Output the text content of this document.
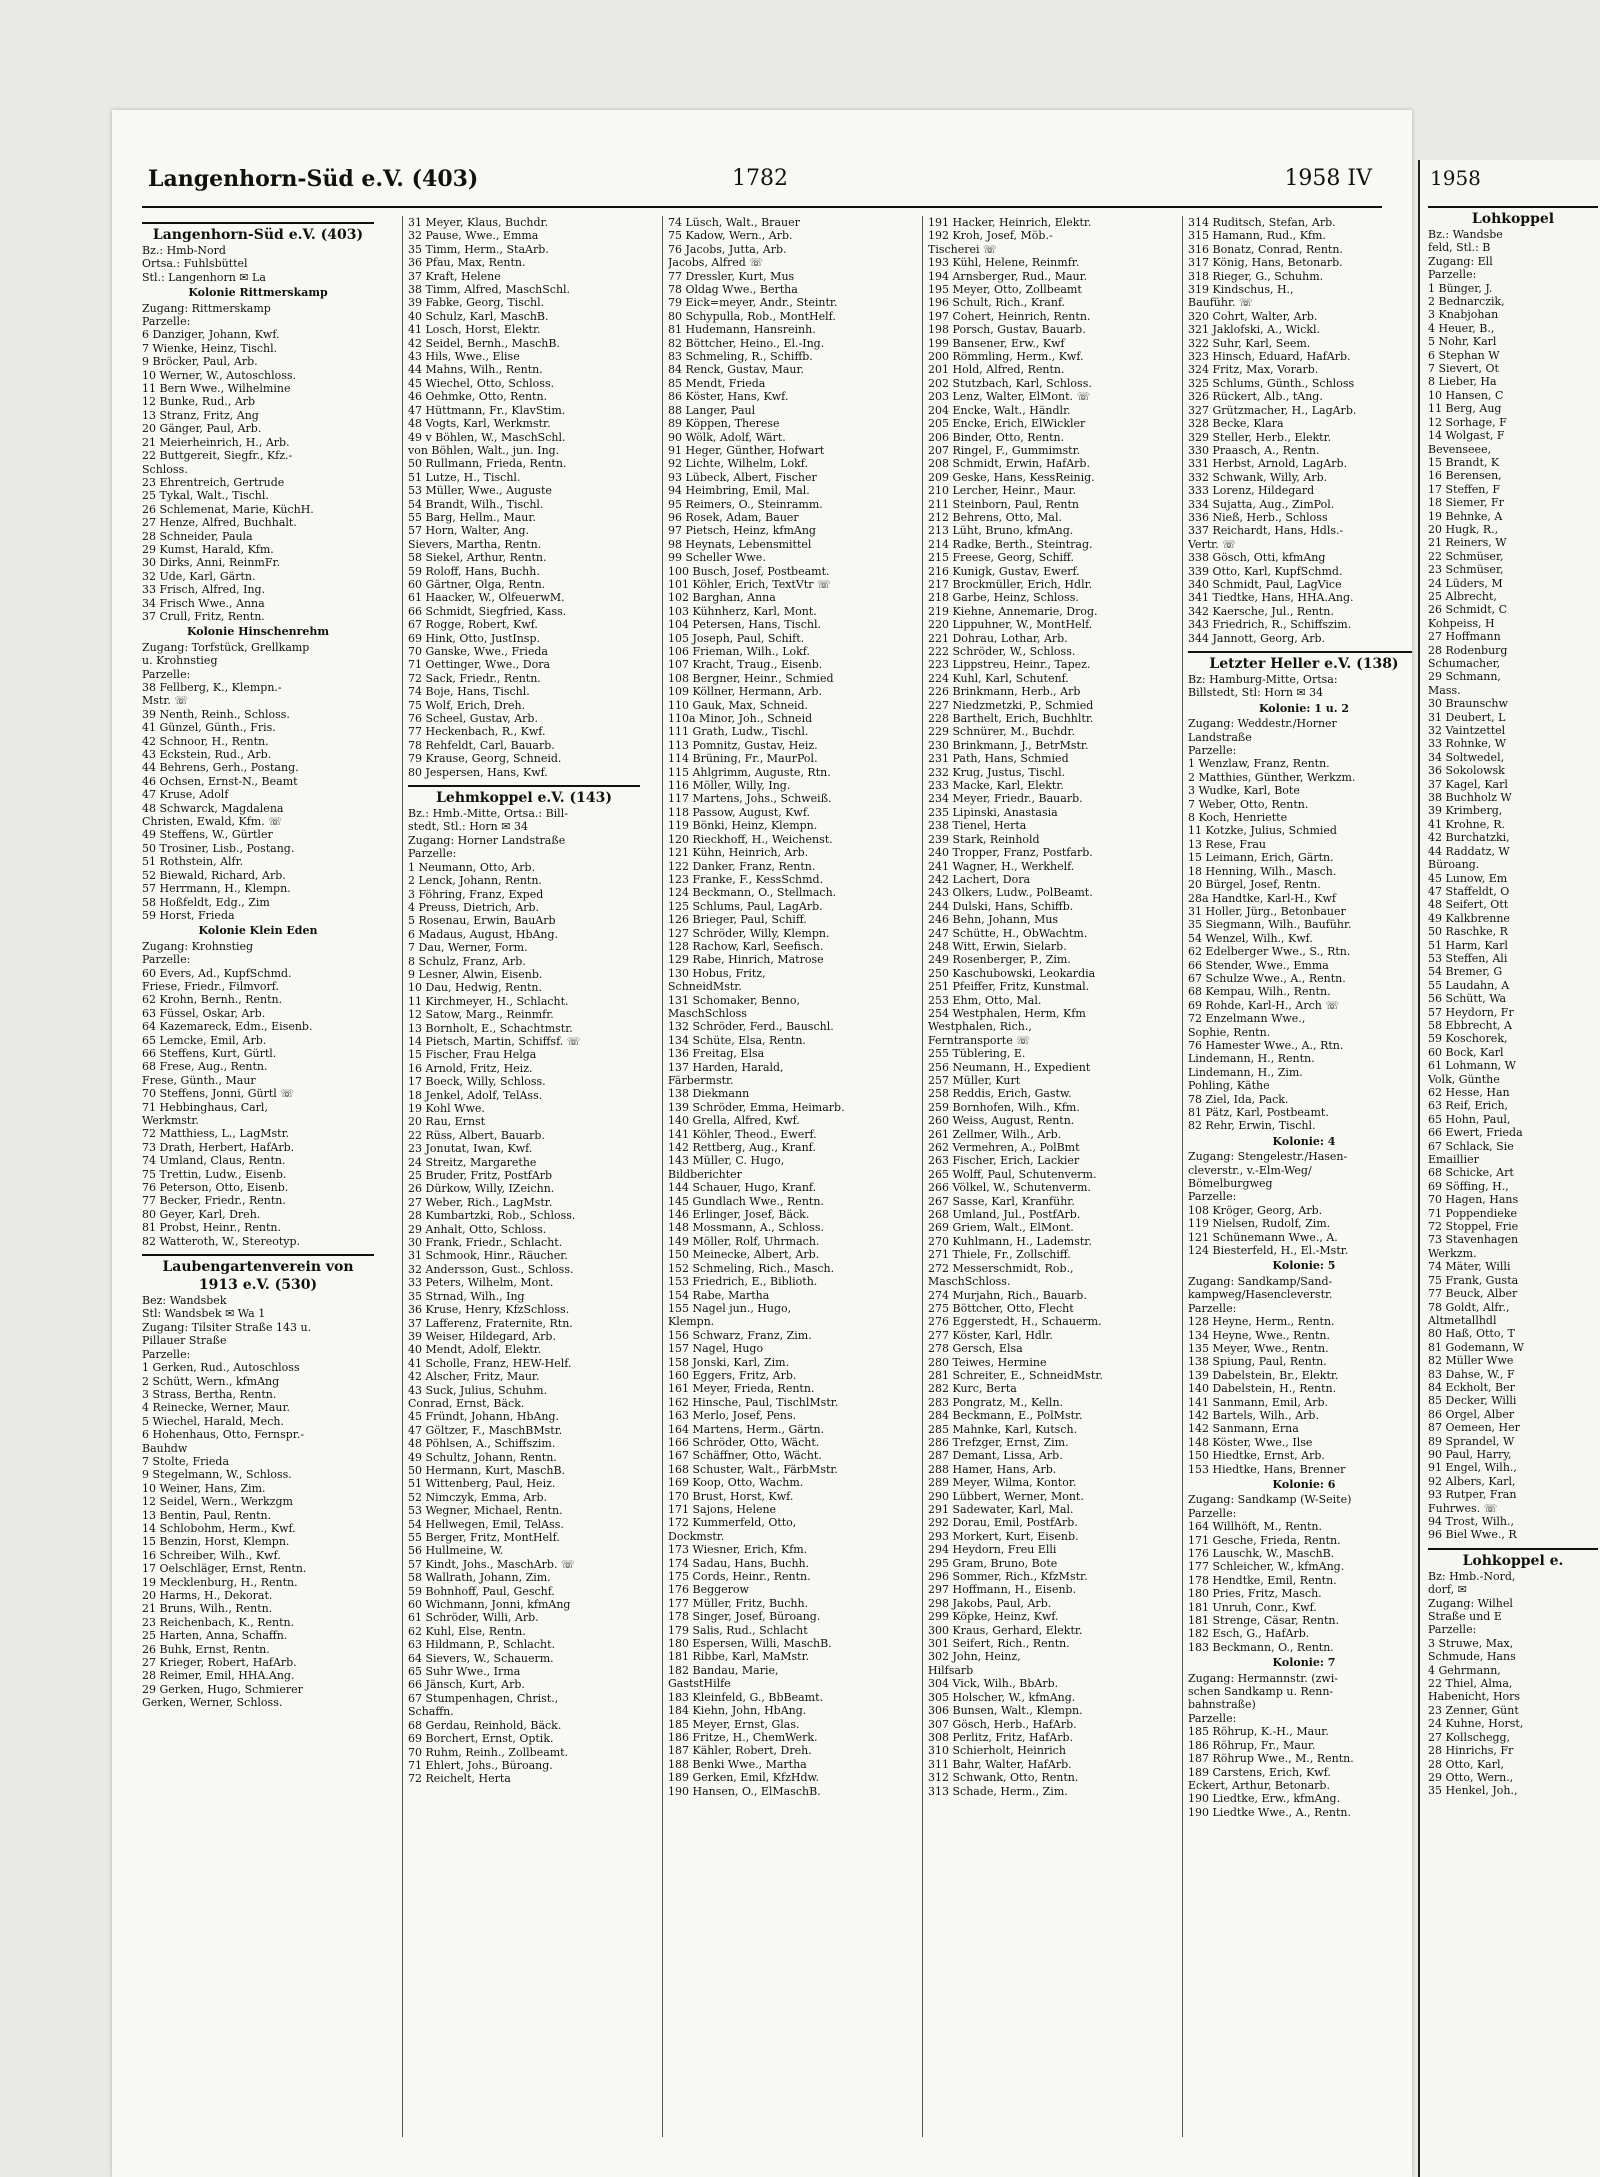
Langenhorn-Süd e.V. (403)	1782	1958 IV
Langenhorn-Süd e.V. (403)
Bz.: Hmb-Nord
Ortsa.: Fuhlsbüttel
Stl.: Langenhorn ✉ La
Kolonie Rittmerskamp
Zugang: Rittmerskamp
Parzelle:
6 Danziger, Johann, Kwf.
7 Wienke, Heinz, Tischl.
9 Bröcker, Paul, Arb.
10 Werner, W., Autoschloss.
11 Bern Wwe., Wilhelmine
12 Bunke, Rud., Arb
13 Stranz, Fritz, Ang
20 Gänger, Paul, Arb.
21 Meierheinrich, H., Arb.
22 Buttgereit, Siegfr., Kfz.-
Schloss.
23 Ehrentreich, Gertrude
25 Tykal, Walt., Tischl.
26 Schlemenat, Marie, KüchH.
27 Henze, Alfred, Buchhalt.
28 Schneider, Paula
29 Kumst, Harald, Kfm.
30 Dirks, Anni, ReinmFr.
32 Ude, Karl, Gärtn.
33 Frisch, Alfred, Ing.
34 Frisch Wwe., Anna
37 Crull, Fritz, Rentn.
Kolonie Hinschenrehm
Zugang: Torfstück, Grellkamp
u. Krohnstieg
Parzelle:
38 Fellberg, K., Klempn.-
Mstr. ☏
39 Nenth, Reinh., Schloss.
41 Günzel, Günth., Fris.
42 Schnoor, H., Rentn.
43 Eckstein, Rud., Arb.
44 Behrens, Gerh., Postang.
46 Ochsen, Ernst-N., Beamt
47 Kruse, Adolf
48 Schwarck, Magdalena
Christen, Ewald, Kfm. ☏
49 Steffens, W., Gürtler
50 Trosiner, Lisb., Postang.
51 Rothstein, Alfr.
52 Biewald, Richard, Arb.
57 Herrmann, H., Klempn.
58 Hoßfeldt, Edg., Zim
59 Horst, Frieda
Kolonie Klein Eden
Zugang: Krohnstieg
Parzelle:
60 Evers, Ad., KupfSchmd.
Friese, Friedr., Filmvorf.
62 Krohn, Bernh., Rentn.
63 Füssel, Oskar, Arb.
64 Kazemareck, Edm., Eisenb.
65 Lemcke, Emil, Arb.
66 Steffens, Kurt, Gürtl.
68 Frese, Aug., Rentn.
Frese, Günth., Maur
70 Steffens, Jonni, Gürtl ☏
71 Hebbinghaus, Carl,
Werkmstr.
72 Matthiess, L., LagMstr.
73 Drath, Herbert, HafArb.
74 Umland, Claus, Rentn.
75 Trettin, Ludw., Eisenb.
76 Peterson, Otto, Eisenb.
77 Becker, Friedr., Rentn.
80 Geyer, Karl, Dreh.
81 Probst, Heinr., Rentn.
82 Watteroth, W., Stereotyp.
Laubengartenverein von 1913 e.V. (530)
Bez: Wandsbek
Stl: Wandsbek ✉ Wa 1
Zugang: Tilsiter Straße 143 u.
Pillauer Straße
Parzelle:
1 Gerken, Rud., Autoschloss
2 Schütt, Wern., kfmAng
3 Strass, Bertha, Rentn.
4 Reinecke, Werner, Maur.
5 Wiechel, Harald, Mech.
6 Hohenhaus, Otto, Fernspr.-
Bauhdw
7 Stolte, Frieda
9 Stegelmann, W., Schloss.
10 Weiner, Hans, Zim.
12 Seidel, Wern., Werkzgm
13 Bentin, Paul, Rentn.
14 Schlobohm, Herm., Kwf.
15 Benzin, Horst, Klempn.
16 Schreiber, Wilh., Kwf.
17 Oelschläger, Ernst, Rentn.
19 Mecklenburg, H., Rentn.
20 Harms, H., Dekorat.
21 Bruns, Wilh., Rentn.
23 Reichenbach, K., Rentn.
25 Harten, Anna, Schaffn.
26 Buhk, Ernst, Rentn.
27 Krieger, Robert, HafArb.
28 Reimer, Emil, HHA.Ang.
29 Gerken, Hugo, Schmierer
Gerken, Werner, Schloss.
31 Meyer, Klaus, Buchdr.
32 Pause, Wwe., Emma
35 Timm, Herm., StaArb.
36 Pfau, Max, Rentn.
37 Kraft, Helene
38 Timm, Alfred, MaschSchl.
39 Fabke, Georg, Tischl.
40 Schulz, Karl, MaschB.
41 Losch, Horst, Elektr.
42 Seidel, Bernh., MaschB.
43 Hils, Wwe., Elise
44 Mahns, Wilh., Rentn.
45 Wiechel, Otto, Schloss.
46 Oehmke, Otto, Rentn.
47 Hüttmann, Fr., KlavStim.
48 Vogts, Karl, Werkmstr.
49 v Böhlen, W., MaschSchl.
von Böhlen, Walt., jun. Ing.
50 Rullmann, Frieda, Rentn.
51 Lutze, H., Tischl.
53 Müller, Wwe., Auguste
54 Brandt, Wilh., Tischl.
55 Barg, Hellm., Maur.
57 Horn, Walter, Ang.
Sievers, Martha, Rentn.
58 Siekel, Arthur, Rentn.
59 Roloff, Hans, Buchh.
60 Gärtner, Olga, Rentn.
61 Haacker, W., OlfeuerwM.
66 Schmidt, Siegfried, Kass.
67 Rogge, Robert, Kwf.
69 Hink, Otto, JustInsp.
70 Ganske, Wwe., Frieda
71 Oettinger, Wwe., Dora
72 Sack, Friedr., Rentn.
74 Boje, Hans, Tischl.
75 Wolf, Erich, Dreh.
76 Scheel, Gustav, Arb.
77 Heckenbach, R., Kwf.
78 Rehfeldt, Carl, Bauarb.
79 Krause, Georg, Schneid.
80 Jespersen, Hans, Kwf.
Lehmkoppel e.V. (143)
Bz.: Hmb.-Mitte, Ortsa.: Bill-
stedt, Stl.: Horn ✉ 34
Zugang: Horner Landstraße
Parzelle:
1 Neumann, Otto, Arb.
2 Lenck, Johann, Rentn.
3 Föhring, Franz, Exped
4 Preuss, Dietrich, Arb.
5 Rosenau, Erwin, BauArb
6 Madaus, August, HbAng.
7 Dau, Werner, Form.
8 Schulz, Franz, Arb.
9 Lesner, Alwin, Eisenb.
10 Dau, Hedwig, Rentn.
11 Kirchmeyer, H., Schlacht.
12 Satow, Marg., Reinmfr.
13 Bornholt, E., Schachtmstr.
14 Pietsch, Martin, Schiffsf. ☏
15 Fischer, Frau Helga
16 Arnold, Fritz, Heiz.
17 Boeck, Willy, Schloss.
18 Jenkel, Adolf, TelAss.
19 Kohl Wwe.
20 Rau, Ernst
22 Rüss, Albert, Bauarb.
23 Jonutat, Iwan, Kwf.
24 Streitz, Margarethe
25 Bruder, Fritz, PostfArb
26 Dürkow, Willy, IZeichn.
27 Weber, Rich., LagMstr.
28 Kumbartzki, Rob., Schloss.
29 Anhalt, Otto, Schloss.
30 Frank, Friedr., Schlacht.
31 Schmook, Hinr., Räucher.
32 Andersson, Gust., Schloss.
33 Peters, Wilhelm, Mont.
35 Strnad, Wilh., Ing
36 Kruse, Henry, KfzSchloss.
37 Lafferenz, Fraternite, Rtn.
39 Weiser, Hildegard, Arb.
40 Mendt, Adolf, Elektr.
41 Scholle, Franz, HEW-Helf.
42 Alscher, Fritz, Maur.
43 Suck, Julius, Schuhm.
Conrad, Ernst, Bäck.
45 Fründt, Johann, HbAng.
47 Göltzer, F., MaschBMstr.
48 Pöhlsen, A., Schiffszim.
49 Schultz, Johann, Rentn.
50 Hermann, Kurt, MaschB.
51 Wittenberg, Paul, Heiz.
52 Nimczyk, Emma, Arb.
53 Wegner, Michael, Rentn.
54 Hellwegen, Emil, TelAss.
55 Berger, Fritz, MontHelf.
56 Hullmeine, W.
57 Kindt, Johs., MaschArb. ☏
58 Wallrath, Johann, Zim.
59 Bohnhoff, Paul, Geschf.
60 Wichmann, Jonni, kfmAng
61 Schröder, Willi, Arb.
62 Kuhl, Else, Rentn.
63 Hildmann, P., Schlacht.
64 Sievers, W., Schauerm.
65 Suhr Wwe., Irma
66 Jänsch, Kurt, Arb.
67 Stumpenhagen, Christ.,
Schaffn.
68 Gerdau, Reinhold, Bäck.
69 Borchert, Ernst, Optik.
70 Ruhm, Reinh., Zollbeamt.
71 Ehlert, Johs., Büroang.
72 Reichelt, Herta
74 Lüsch, Walt., Brauer
75 Kadow, Wern., Arb.
76 Jacobs, Jutta, Arb.
Jacobs, Alfred ☏
77 Dressler, Kurt, Mus
78 Oldag Wwe., Bertha
79 Eick=meyer, Andr., Steintr.
80 Schypulla, Rob., MontHelf.
81 Hudemann, Hansreinh.
82 Böttcher, Heino., El.-Ing.
83 Schmeling, R., Schiffb.
84 Renck, Gustav, Maur.
85 Mendt, Frieda
86 Köster, Hans, Kwf.
88 Langer, Paul
89 Köppen, Therese
90 Wölk, Adolf, Wärt.
91 Heger, Günther, Hofwart
92 Lichte, Wilhelm, Lokf.
93 Lübeck, Albert, Fischer
94 Heimbring, Emil, Mal.
95 Reimers, O., Steinramm.
96 Rosek, Adam, Bauer
97 Pietsch, Heinz, kfmAng
98 Heynats, Lebensmittel
99 Scheller Wwe.
100 Busch, Josef, Postbeamt.
101 Köhler, Erich, TextVtr ☏
102 Barghan, Anna
103 Kühnherz, Karl, Mont.
104 Petersen, Hans, Tischl.
105 Joseph, Paul, Schift.
106 Frieman, Wilh., Lokf.
107 Kracht, Traug., Eisenb.
108 Bergner, Heinr., Schmied
109 Köllner, Hermann, Arb.
110 Gauk, Max, Schneid.
110a Minor, Joh., Schneid
111 Grath, Ludw., Tischl.
113 Pomnitz, Gustav, Heiz.
114 Brüning, Fr., MaurPol.
115 Ahlgrimm, Auguste, Rtn.
116 Möller, Willy, Ing.
117 Martens, Johs., Schweiß.
118 Passow, August, Kwf.
119 Bönki, Heinz, Klempn.
120 Rieckhoff, H., Weichenst.
121 Kühn, Heinrich, Arb.
122 Danker, Franz, Rentn.
123 Franke, F., KessSchmd.
124 Beckmann, O., Stellmach.
125 Schlums, Paul, LagArb.
126 Brieger, Paul, Schiff.
127 Schröder, Willy, Klempn.
128 Rachow, Karl, Seefisch.
129 Rabe, Hinrich, Matrose
130 Hobus, Fritz,
SchneidMstr.
131 Schomaker, Benno,
MaschSchloss
132 Schröder, Ferd., Bauschl.
134 Schüte, Elsa, Rentn.
136 Freitag, Elsa
137 Harden, Harald,
Färbermstr.
138 Diekmann
139 Schröder, Emma, Heimarb.
140 Grella, Alfred, Kwf.
141 Köhler, Theod., Ewerf.
142 Rettberg, Aug., Kranf.
143 Müller, C. Hugo,
Bildberichter
144 Schauer, Hugo, Kranf.
145 Gundlach Wwe., Rentn.
146 Erlinger, Josef, Bäck.
148 Mossmann, A., Schloss.
149 Möller, Rolf, Uhrmach.
150 Meinecke, Albert, Arb.
152 Schmeling, Rich., Masch.
153 Friedrich, E., Biblioth.
154 Rabe, Martha
155 Nagel jun., Hugo,
Klempn.
156 Schwarz, Franz, Zim.
157 Nagel, Hugo
158 Jonski, Karl, Zim.
160 Eggers, Fritz, Arb.
161 Meyer, Frieda, Rentn.
162 Hinsche, Paul, TischlMstr.
163 Merlo, Josef, Pens.
164 Martens, Herm., Gärtn.
166 Schröder, Otto, Wächt.
167 Schäffner, Otto, Wächt.
168 Schuster, Walt., FärbMstr.
169 Koop, Otto, Wachm.
170 Brust, Horst, Kwf.
171 Sajons, Helene
172 Kummerfeld, Otto,
Dockmstr.
173 Wiesner, Erich, Kfm.
174 Sadau, Hans, Buchh.
175 Cords, Heinr., Rentn.
176 Beggerow
177 Müller, Fritz, Buchh.
178 Singer, Josef, Büroang.
179 Salis, Rud., Schlacht
180 Espersen, Willi, MaschB.
181 Ribbe, Karl, MaMstr.
182 Bandau, Marie,
GaststHilfe
183 Kleinfeld, G., BbBeamt.
184 Kiehn, John, HbAng.
185 Meyer, Ernst, Glas.
186 Fritze, H., ChemWerk.
187 Kähler, Robert, Dreh.
188 Benki Wwe., Martha
189 Gerken, Emil, KfzHdw.
190 Hansen, O., ElMaschB.
191 Hacker, Heinrich, Elektr.
192 Kroh, Josef, Möb.-
Tischerei ☏
193 Kühl, Helene, Reinmfr.
194 Arnsberger, Rud., Maur.
195 Meyer, Otto, Zollbeamt
196 Schult, Rich., Kranf.
197 Cohert, Heinrich, Rentn.
198 Porsch, Gustav, Bauarb.
199 Bansener, Erw., Kwf
200 Römmling, Herm., Kwf.
201 Hold, Alfred, Rentn.
202 Stutzbach, Karl, Schloss.
203 Lenz, Walter, ElMont. ☏
204 Encke, Walt., Händlr.
205 Encke, Erich, ElWickler
206 Binder, Otto, Rentn.
207 Ringel, F., Gummimstr.
208 Schmidt, Erwin, HafArb.
209 Geske, Hans, KessReinig.
210 Lercher, Heinr., Maur.
211 Steinborn, Paul, Rentn
212 Behrens, Otto, Mal.
213 Lüht, Bruno, kfmAng.
214 Radke, Berth., Steintrag.
215 Freese, Georg, Schiff.
216 Kunigk, Gustav, Ewerf.
217 Brockmüller, Erich, Hdlr.
218 Garbe, Heinz, Schloss.
219 Kiehne, Annemarie, Drog.
220 Lippuhner, W., MontHelf.
221 Dohrau, Lothar, Arb.
222 Schröder, W., Schloss.
223 Lippstreu, Heinr., Tapez.
224 Kuhl, Karl, Schutenf.
226 Brinkmann, Herb., Arb
227 Niedzmetzki, P., Schmied
228 Barthelt, Erich, Buchhltr.
229 Schnürer, M., Buchdr.
230 Brinkmann, J., BetrMstr.
231 Path, Hans, Schmied
232 Krug, Justus, Tischl.
233 Macke, Karl, Elektr.
234 Meyer, Friedr., Bauarb.
235 Lipinski, Anastasia
238 Tienel, Herta
239 Stark, Reinhold
240 Tropper, Franz, Postfarb.
241 Wagner, H., Werkhelf.
242 Lachert, Dora
243 Olkers, Ludw., PolBeamt.
244 Dulski, Hans, Schiffb.
246 Behn, Johann, Mus
247 Schütte, H., ObWachtm.
248 Witt, Erwin, Sielarb.
249 Rosenberger, P., Zim.
250 Kaschubowski, Leokardia
251 Pfeiffer, Fritz, Kunstmal.
253 Ehm, Otto, Mal.
254 Westphalen, Herm, Kfm
Westphalen, Rich.,
Ferntransporte ☏
255 Tüblering, E.
256 Neumann, H., Expedient
257 Müller, Kurt
258 Reddis, Erich, Gastw.
259 Bornhofen, Wilh., Kfm.
260 Weiss, August, Rentn.
261 Zellmer, Wilh., Arb.
262 Vermehren, A., PolBmt
263 Fischer, Erich, Lackier
265 Wolff, Paul, Schutenverm.
266 Völkel, W., Schutenverm.
267 Sasse, Karl, Kranführ.
268 Umland, Jul., PostfArb.
269 Griem, Walt., ElMont.
270 Kuhlmann, H., Lademstr.
271 Thiele, Fr., Zollschiff.
272 Messerschmidt, Rob.,
MaschSchloss.
274 Murjahn, Rich., Bauarb.
275 Böttcher, Otto, Flecht
276 Eggerstedt, H., Schauerm.
277 Köster, Karl, Hdlr.
278 Gersch, Elsa
280 Teiwes, Hermine
281 Schreiter, E., SchneidMstr.
282 Kurc, Berta
283 Pongratz, M., Kelln.
284 Beckmann, E., PolMstr.
285 Mahnke, Karl, Kutsch.
286 Trefzger, Ernst, Zim.
287 Demant, Lissa, Arb.
288 Hamer, Hans, Arb.
289 Meyer, Wilma, Kontor.
290 Lübbert, Werner, Mont.
291 Sadewater, Karl, Mal.
292 Dorau, Emil, PostfArb.
293 Morkert, Kurt, Eisenb.
294 Heydorn, Freu Elli
295 Gram, Bruno, Bote
296 Sommer, Rich., KfzMstr.
297 Hoffmann, H., Eisenb.
298 Jakobs, Paul, Arb.
299 Köpke, Heinz, Kwf.
300 Kraus, Gerhard, Elektr.
301 Seifert, Rich., Rentn.
302 John, Heinz,
Hilfsarb
304 Vick, Wilh., BbArb.
305 Holscher, W., kfmAng.
306 Bunsen, Walt., Klempn.
307 Gösch, Herb., HafArb.
308 Perlitz, Fritz, HafArb.
310 Schierholt, Heinrich
311 Bahr, Walter, HafArb.
312 Schwank, Otto, Rentn.
313 Schade, Herm., Zim.
314 Ruditsch, Stefan, Arb.
315 Hamann, Rud., Kfm.
316 Bonatz, Conrad, Rentn.
317 König, Hans, Betonarb.
318 Rieger, G., Schuhm.
319 Kindschus, H.,
Bauführ. ☏
320 Cohrt, Walter, Arb.
321 Jaklofski, A., Wickl.
322 Suhr, Karl, Seem.
323 Hinsch, Eduard, HafArb.
324 Fritz, Max, Vorarb.
325 Schlums, Günth., Schloss
326 Rückert, Alb., tAng.
327 Grützmacher, H., LagArb.
328 Becke, Klara
329 Steller, Herb., Elektr.
330 Praasch, A., Rentn.
331 Herbst, Arnold, LagArb.
332 Schwank, Willy, Arb.
333 Lorenz, Hildegard
334 Sujatta, Aug., ZimPol.
336 Nieß, Herb., Schloss
337 Reichardt, Hans, Hdls.-
Vertr. ☏
338 Gösch, Otti, kfmAng
339 Otto, Karl, KupfSchmd.
340 Schmidt, Paul, LagVice
341 Tiedtke, Hans, HHA.Ang.
342 Kaersche, Jul., Rentn.
343 Friedrich, R., Schiffszim.
344 Jannott, Georg, Arb.
Letzter Heller e.V. (138)
Bz: Hamburg-Mitte, Ortsa:
Billstedt, Stl: Horn ✉ 34
Kolonie: 1 u. 2
Zugang: Weddestr./Horner
Landstraße
Parzelle:
1 Wenzlaw, Franz, Rentn.
2 Matthies, Günther, Werkzm.
3 Wudke, Karl, Bote
7 Weber, Otto, Rentn.
8 Koch, Henriette
11 Kotzke, Julius, Schmied
13 Rese, Frau
15 Leimann, Erich, Gärtn.
18 Henning, Wilh., Masch.
20 Bürgel, Josef, Rentn.
28a Handtke, Karl-H., Kwf
31 Holler, Jürg., Betonbauer
35 Siegmann, Wilh., Bauführ.
54 Wenzel, Wilh., Kwf.
62 Edelberger Wwe., S., Rtn.
66 Stender, Wwe., Emma
67 Schulze Wwe., A., Rentn.
68 Kempau, Wilh., Rentn.
69 Rohde, Karl-H., Arch ☏
72 Enzelmann Wwe.,
Sophie, Rentn.
76 Hamester Wwe., A., Rtn.
Lindemann, H., Rentn.
Lindemann, H., Zim.
Pohling, Käthe
78 Ziel, Ida, Pack.
81 Pätz, Karl, Postbeamt.
82 Rehr, Erwin, Tischl.
Kolonie: 4
Zugang: Stengelestr./Hasen-
cleverstr., v.-Elm-Weg/
Bömelburgweg
Parzelle:
108 Kröger, Georg, Arb.
119 Nielsen, Rudolf, Zim.
121 Schünemann Wwe., A.
124 Biesterfeld, H., El.-Mstr.
Kolonie: 5
Zugang: Sandkamp/Sand-
kampweg/Hasencleverstr.
Parzelle:
128 Heyne, Herm., Rentn.
134 Heyne, Wwe., Rentn.
135 Meyer, Wwe., Rentn.
138 Spiung, Paul, Rentn.
139 Dabelstein, Br., Elektr.
140 Dabelstein, H., Rentn.
141 Sanmann, Emil, Arb.
142 Bartels, Wilh., Arb.
142 Sanmann, Erna
148 Köster, Wwe., Ilse
150 Hiedtke, Ernst, Arb.
153 Hiedtke, Hans, Brenner
Kolonie: 6
Zugang: Sandkamp (W-Seite)
Parzelle:
164 Willhöft, M., Rentn.
171 Gesche, Frieda, Rentn.
176 Lauschk, W., MaschB.
177 Schleicher, W., kfmAng.
178 Hendtke, Emil, Rentn.
180 Pries, Fritz, Masch.
181 Unruh, Conr., Kwf.
181 Strenge, Cäsar, Rentn.
182 Esch, G., HafArb.
183 Beckmann, O., Rentn.
Kolonie: 7
Zugang: Hermannstr. (zwi-
schen Sandkamp u. Renn-
bahnstraße)
Parzelle:
185 Röhrup, K.-H., Maur.
186 Röhrup, Fr., Maur.
187 Röhrup Wwe., M., Rentn.
189 Carstens, Erich, Kwf.
Eckert, Arthur, Betonarb.
190 Liedtke, Erw., kfmAng.
190 Liedtke Wwe., A., Rentn.
1958
Lohkoppel
Bz.: Wandsbe
feld, Stl.: B
Zugang: Ell
Parzelle:
1 Bünger, J.
2 Bednarczik,
3 Knabjohan
4 Heuer, B.,
5 Nohr, Karl
6 Stephan W
7 Sievert, Ot
8 Lieber, Ha
10 Hansen, C
11 Berg, Aug
12 Sorhage, F
14 Wolgast, F
Bevenseee,
15 Brandt, K
16 Berensen,
17 Steffen, F
18 Siemer, Fr
19 Behnke, A
20 Hugk, R.,
21 Reiners, W
22 Schmüser,
23 Schmüser,
24 Lüders, M
25 Albrecht,
26 Schmidt, C
Kohpeiss, H
27 Hoffmann
28 Rodenburg
Schumacher,
29 Schmann,
Mass.
30 Braunschw
31 Deubert, L
32 Vaintzettel
33 Rohnke, W
34 Soltwedel,
36 Sokolowsk
37 Kagel, Karl
38 Buchholz W
39 Krimberg,
41 Krohne, R.
42 Burchatzki,
44 Raddatz, W
Büroang.
45 Lunow, Em
47 Staffeldt, O
48 Seifert, Ott
49 Kalkbrenne
50 Raschke, R
51 Harm, Karl
53 Steffen, Ali
54 Bremer, G
55 Laudahn, A
56 Schütt, Wa
57 Heydorn, Fr
58 Ebbrecht, A
59 Koschorek,
60 Bock, Karl
61 Lohmann, W
Volk, Günthe
62 Hesse, Han
63 Reif, Erich,
65 Hohn, Paul,
66 Ewert, Frieda
67 Schlack, Sie
Emaillier
68 Schicke, Art
69 Söffing, H.,
70 Hagen, Hans
71 Poppendieke
72 Stoppel, Frie
73 Stavenhagen
Werkzm.
74 Mäter, Willi
75 Frank, Gusta
77 Beuck, Alber
78 Goldt, Alfr.,
Altmetallhdl
80 Haß, Otto, T
81 Godemann, W
82 Müller Wwe
83 Dahse, W., F
84 Eckholt, Ber
85 Decker, Willi
86 Orgel, Alber
87 Oemeen, Her
89 Sprandel, W
90 Paul, Harry,
91 Engel, Wilh.,
92 Albers, Karl,
93 Rutper, Fran
Fuhrwes. ☏
94 Trost, Wilh.,
96 Biel Wwe., R
Lohkoppel e.
Bz: Hmb.-Nord,
dorf, ✉
Zugang: Wilhel
Straße und E
Parzelle:
3 Struwe, Max,
Schmude, Hans
4 Gehrmann,
22 Thiel, Alma,
Habenicht, Hors
23 Zenner, Günt
24 Kuhne, Horst,
27 Kollschegg,
28 Hinrichs, Fr
28 Otto, Karl,
29 Otto, Wern.,
35 Henkel, Joh.,
